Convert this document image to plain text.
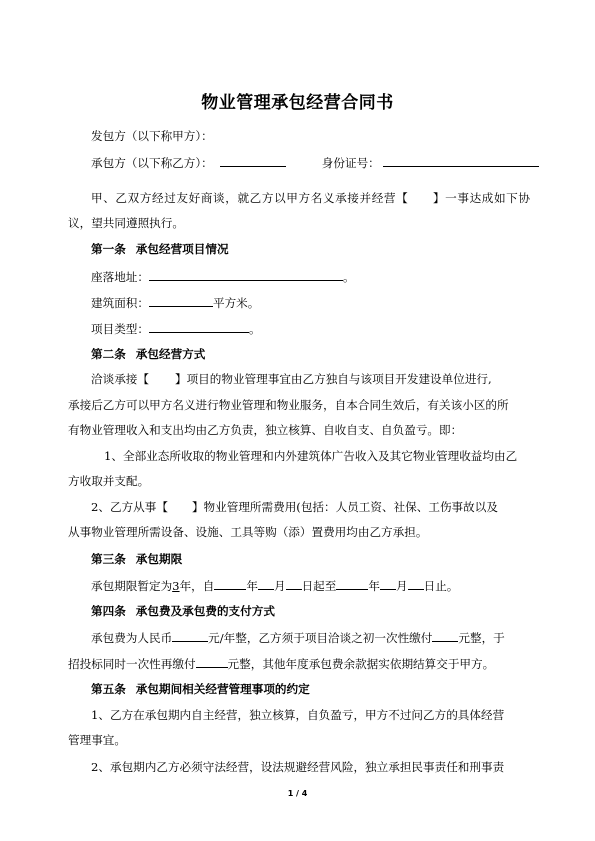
物业管理承包经营合同书
发包方（以下称甲方）：
承包方（以下称乙方）：	身份证号：
甲、乙双方经过友好商谈，就乙方以甲方名义承接并经营【 】一事达成如下协
议，望共同遵照执行。
第一条 承包经营项目情况
座落地址：	。
建筑面积：	平方米。
项目类型：	。
第二条 承包经营方式
洽谈承接【 】项目的物业管理事宜由乙方独自与该项目开发建设单位进行,
承接后乙方可以甲方名义进行物业管理和物业服务，自本合同生效后，有关该小区的所
有物业管理收入和支出均由乙方负责，独立核算、自收自支、自负盈亏。即：
1、全部业态所收取的物业管理和内外建筑体广告收入及其它物业管理收益均由乙
方收取并支配。
2、乙方从事【 】物业管理所需费用(包括：人员工资、社保、工伤事故以及
从事物业管理所需设备、设施、工具等购（添）置费用均由乙方承担。
第三条 承包期限
承包期限暂定为3年，自	年 月 日起至	年 月 日止。
第四条 承包费及承包费的支付方式
承包费为人民币	元/年整，乙方须于项目洽谈之初一次性缴付 元整，于
招投标同时一次性再缴付	元整，其他年度承包费余款据实依期结算交于甲方。
第五条 承包期间相关经营管理事项的约定
1、乙方在承包期内自主经营，独立核算，自负盈亏，甲方不过问乙方的具体经营
管理事宜。
2、承包期内乙方必须守法经营，设法规避经营风险，独立承担民事责任和刑事责
1 / 4
